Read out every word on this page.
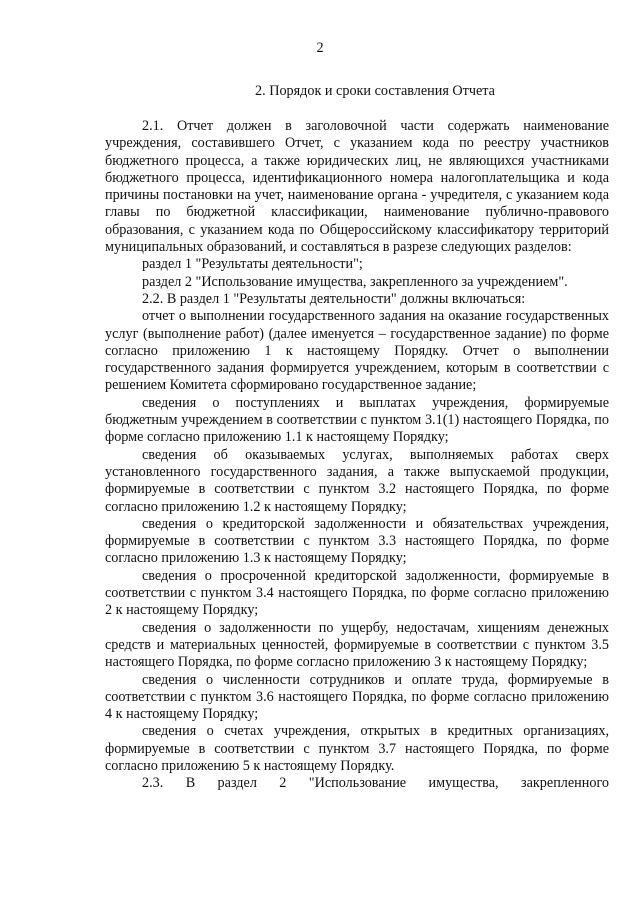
2
2. Порядок и сроки составления Отчета

2.1. Отчет должен в заголовочной части содержать наименование учреждения, составившего Отчет, с указанием кода по реестру участников бюджетного процесса, а также юридических лиц, не являющихся участниками бюджетного процесса, идентификационного номера налогоплательщика и кода причины постановки на учет, наименование органа - учредителя, с указанием кода главы по бюджетной классификации, наименование публично-правового образования, с указанием кода по Общероссийскому классификатору территорий муниципальных образований, и составляться в разрезе следующих разделов:

раздел 1 "Результаты деятельности";

раздел 2 "Использование имущества, закрепленного за учреждением".

2.2. В раздел 1 "Результаты деятельности" должны включаться:

отчет о выполнении государственного задания на оказание государственных услуг (выполнение работ) (далее именуется – государственное задание) по форме согласно приложению 1 к настоящему Порядку. Отчет о выполнении государственного задания формируется учреждением, которым в соответствии с решением Комитета сформировано государственное задание;

сведения о поступлениях и выплатах учреждения, формируемые бюджетным учреждением в соответствии с пунктом 3.1(1) настоящего Порядка, по форме согласно приложению 1.1 к настоящему Порядку;

сведения об оказываемых услугах, выполняемых работах сверх установленного государственного задания, а также выпускаемой продукции, формируемые в соответствии с пунктом 3.2 настоящего Порядка, по форме согласно приложению 1.2 к настоящему Порядку;

сведения о кредиторской задолженности и обязательствах учреждения, формируемые в соответствии с пунктом 3.3 настоящего Порядка, по форме согласно приложению 1.3 к настоящему Порядку;

сведения о просроченной кредиторской задолженности, формируемые в соответствии с пунктом 3.4 настоящего Порядка, по форме согласно приложению 2 к настоящему Порядку;

сведения о задолженности по ущербу, недостачам, хищениям денежных средств и материальных ценностей, формируемые в соответствии с пунктом 3.5 настоящего Порядка, по форме согласно приложению 3 к настоящему Порядку;

сведения о численности сотрудников и оплате труда, формируемые в соответствии с пунктом 3.6 настоящего Порядка, по форме согласно приложению 4 к настоящему Порядку;

сведения о счетах учреждения, открытых в кредитных организациях, формируемые в соответствии с пунктом 3.7 настоящего Порядка, по форме согласно приложению 5 к настоящему Порядку.

2.3. В раздел 2 "Использование имущества, закрепленного
